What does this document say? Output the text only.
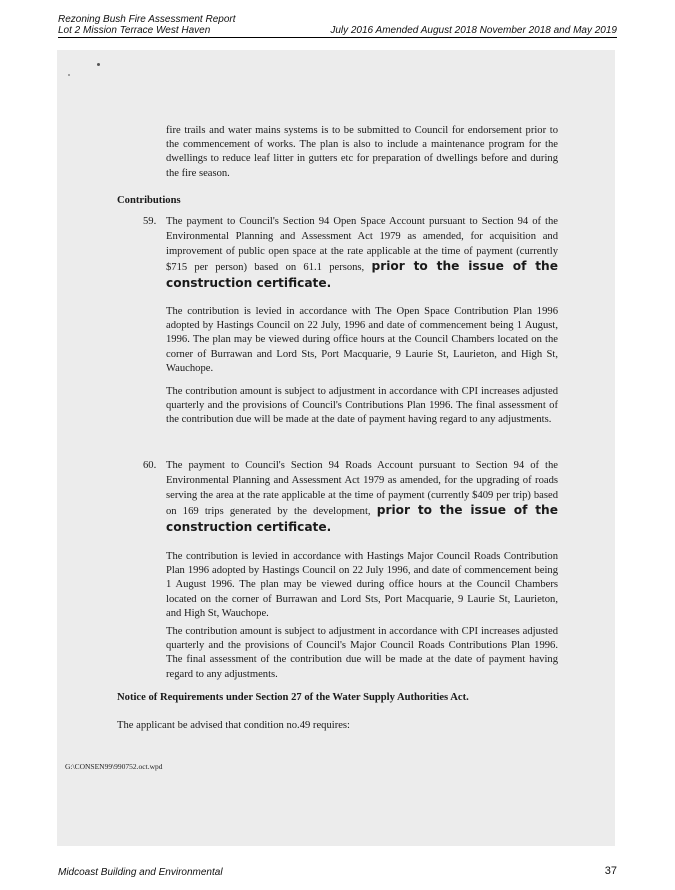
Rezoning Bush Fire Assessment Report
Lot 2 Mission Terrace West Haven	July 2016 Amended August 2018 November 2018 and May 2019

fire trails and water mains systems is to be submitted to Council for endorsement prior to the commencement of works. The plan is also to include a maintenance program for the dwellings to reduce leaf litter in gutters etc for preparation of dwellings before and during the fire season.

Contributions
59. The payment to Council's Section 94 Open Space Account pursuant to Section 94 of the Environmental Planning and Assessment Act 1979 as amended, for acquisition and improvement of public open space at the rate applicable at the time of payment (currently $715 per person) based on 61.1 persons, prior to the issue of the construction certificate.

The contribution is levied in accordance with The Open Space Contribution Plan 1996 adopted by Hastings Council on 22 July, 1996 and date of commencement being 1 August, 1996. The plan may be viewed during office hours at the Council Chambers located on the corner of Burrawan and Lord Sts, Port Macquarie, 9 Laurie St, Laurieton, and High St, Wauchope.

The contribution amount is subject to adjustment in accordance with CPI increases adjusted quarterly and the provisions of Council's Contributions Plan 1996. The final assessment of the contribution due will be made at the date of payment having regard to any adjustments.

60. The payment to Council's Section 94 Roads Account pursuant to Section 94 of the Environmental Planning and Assessment Act 1979 as amended, for the upgrading of roads serving the area at the rate applicable at the time of payment (currently $409 per trip) based on 169 trips generated by the development, prior to the issue of the construction certificate.

The contribution is levied in accordance with Hastings Major Council Roads Contribution Plan 1996 adopted by Hastings Council on 22 July 1996, and date of commencement being 1 August 1996. The plan may be viewed during office hours at the Council Chambers located on the corner of Burrawan and Lord Sts, Port Macquarie, 9 Laurie St, Laurieton, and High St, Wauchope.

The contribution amount is subject to adjustment in accordance with CPI increases adjusted quarterly and the provisions of Council's Major Council Roads Contributions Plan 1996. The final assessment of the contribution due will be made at the date of payment having regard to any adjustments.

Notice of Requirements under Section 27 of the Water Supply Authorities Act.
The applicant be advised that condition no.49 requires:
G:\CONSEN99\990752.oct.wpd
Midcoast Building and Environmental	37
